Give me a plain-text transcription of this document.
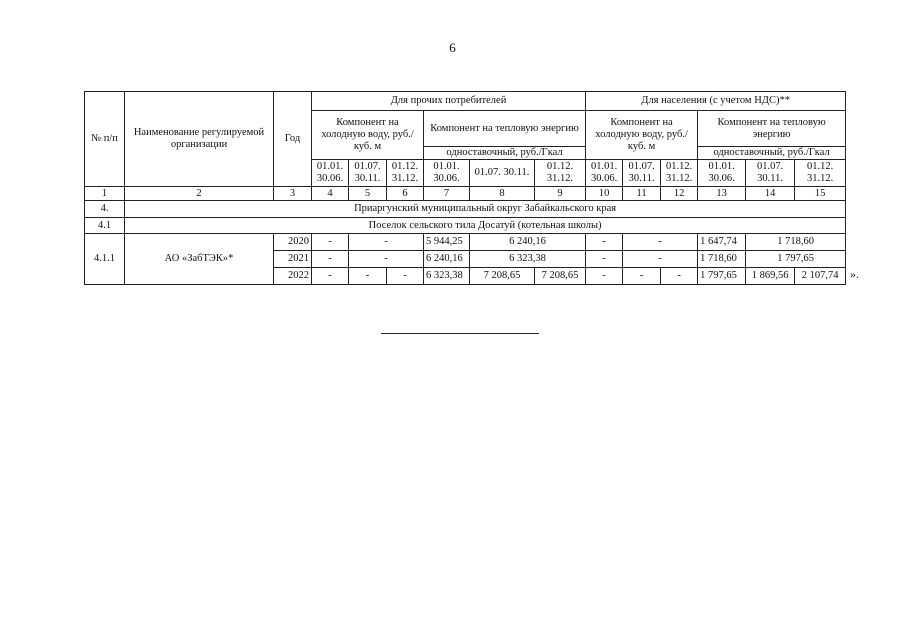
6
№ п/п	Наименование регулируемой организации	Год	Для прочих потребителей						Для населения (с учетом НДС)**					
			Компонент на холодную воду, руб./куб. м			Компонент на тепловую энергию			Компонент на холодную воду, руб./куб. м			Компонент на тепловую энергию		
						одноставочный, руб./Гкал						одноставочный, руб./Гкал		
			01.01. 30.06.	01.07. 30.11.	01.12. 31.12.	01.01. 30.06.	01.07. 30.11.	01.12. 31.12.	01.01. 30.06.	01.07. 30.11.	01.12. 31.12.	01.01. 30.06.	01.07. 30.11.	01.12. 31.12.
1	2	3	4	5	6	7	8	9	10	11	12	13	14	15
4.	Приаргунский муниципальный округ Забайкальского края													
4.1	Поселок сельского тила Досатуй (котельная школы)													
4.1.1	АО «ЗабТЭК»*	2020	-	-		5 944,25	6 240,16		-	-		1 647,74	1 718,60	
		2021	-	-		6 240,16	6 323,38		-	-		1 718,60	1 797,65	
		2022	-	-	-	6 323,38	7 208,65	7 208,65	-	-	-	1 797,65	1 869,56	2 107,74 ».
